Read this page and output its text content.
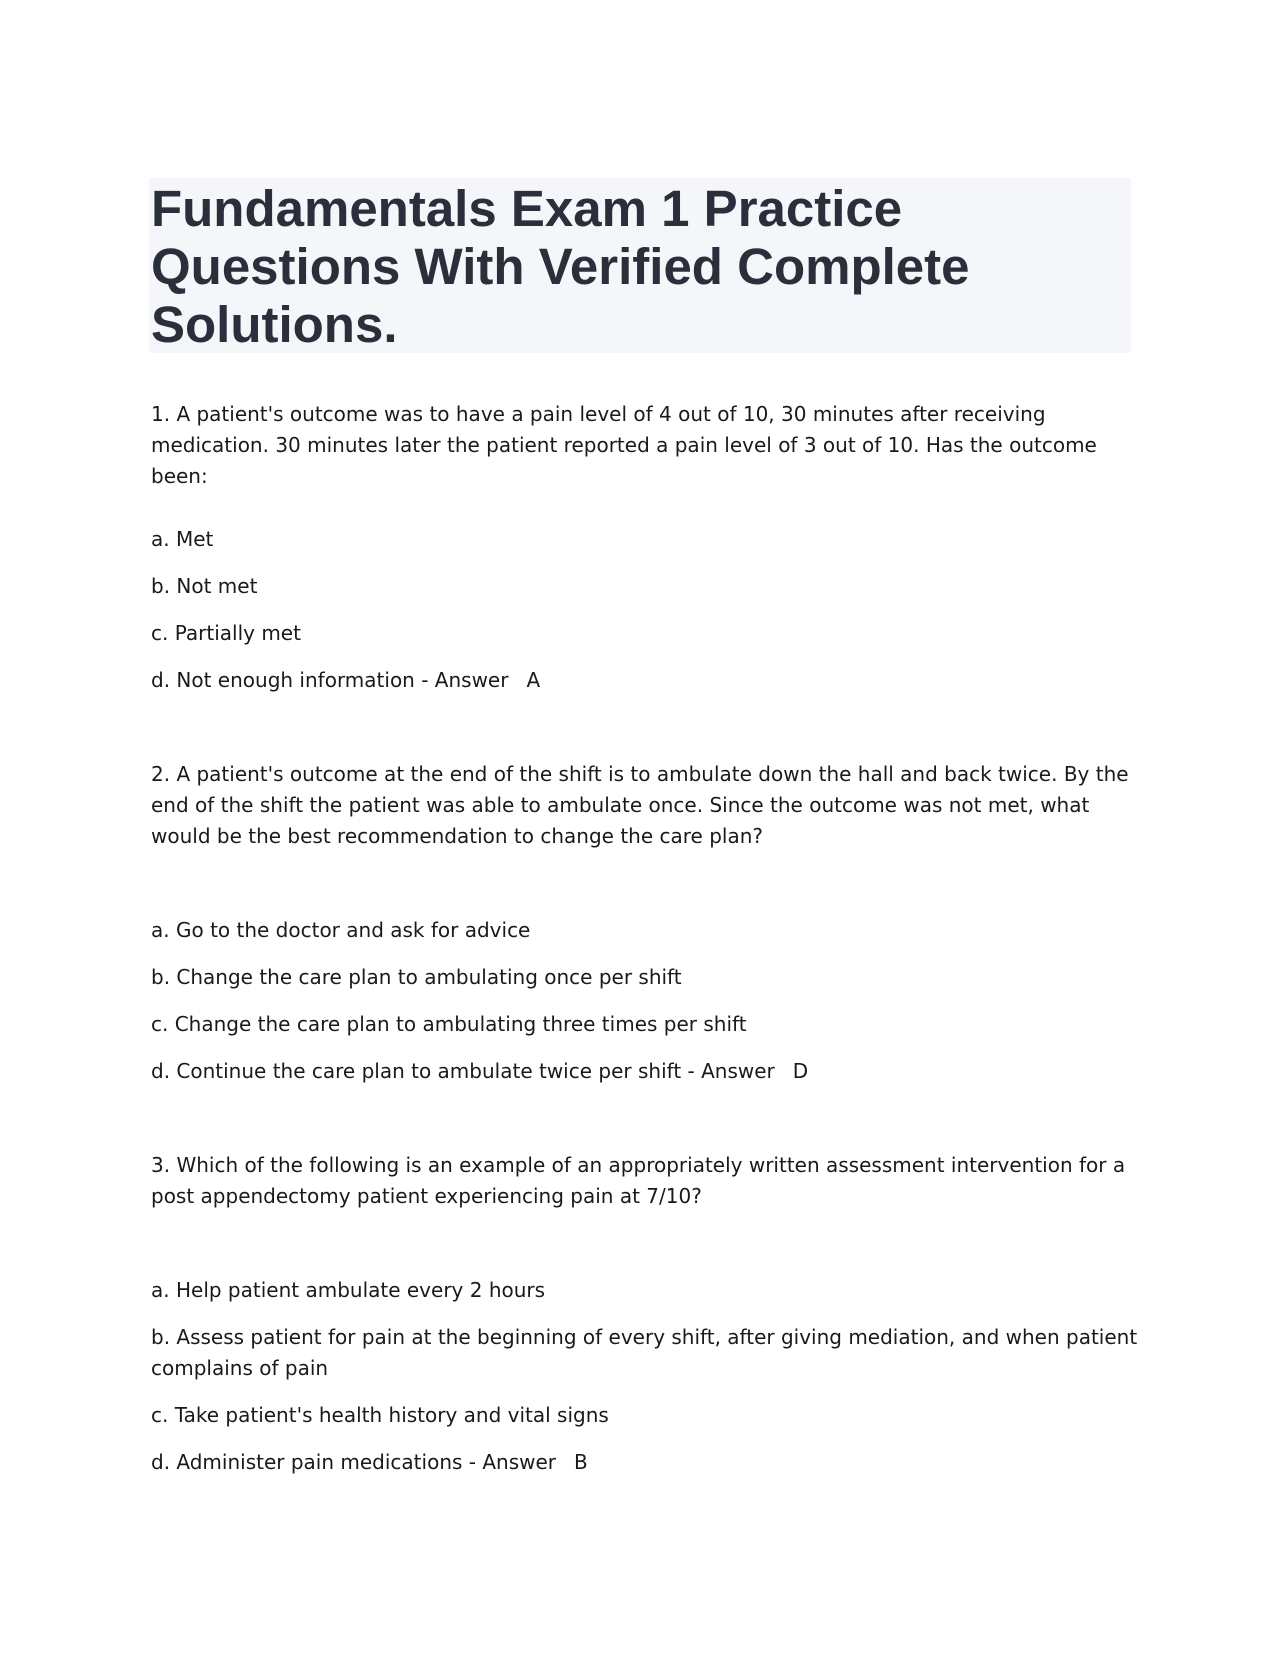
Fundamentals Exam 1 Practice Questions With Verified Complete Solutions.

1. A patient's outcome was to have a pain level of 4 out of 10, 30 minutes after receiving medication. 30 minutes later the patient reported a pain level of 3 out of 10. Has the outcome been:

a. Met
b. Not met
c. Partially met
d. Not enough information - Answer A

2. A patient's outcome at the end of the shift is to ambulate down the hall and back twice. By the end of the shift the patient was able to ambulate once. Since the outcome was not met, what would be the best recommendation to change the care plan?

a. Go to the doctor and ask for advice
b. Change the care plan to ambulating once per shift
c. Change the care plan to ambulating three times per shift
d. Continue the care plan to ambulate twice per shift - Answer D

3. Which of the following is an example of an appropriately written assessment intervention for a post appendectomy patient experiencing pain at 7/10?

a. Help patient ambulate every 2 hours
b. Assess patient for pain at the beginning of every shift, after giving mediation, and when patient complains of pain
c. Take patient's health history and vital signs
d. Administer pain medications - Answer B
